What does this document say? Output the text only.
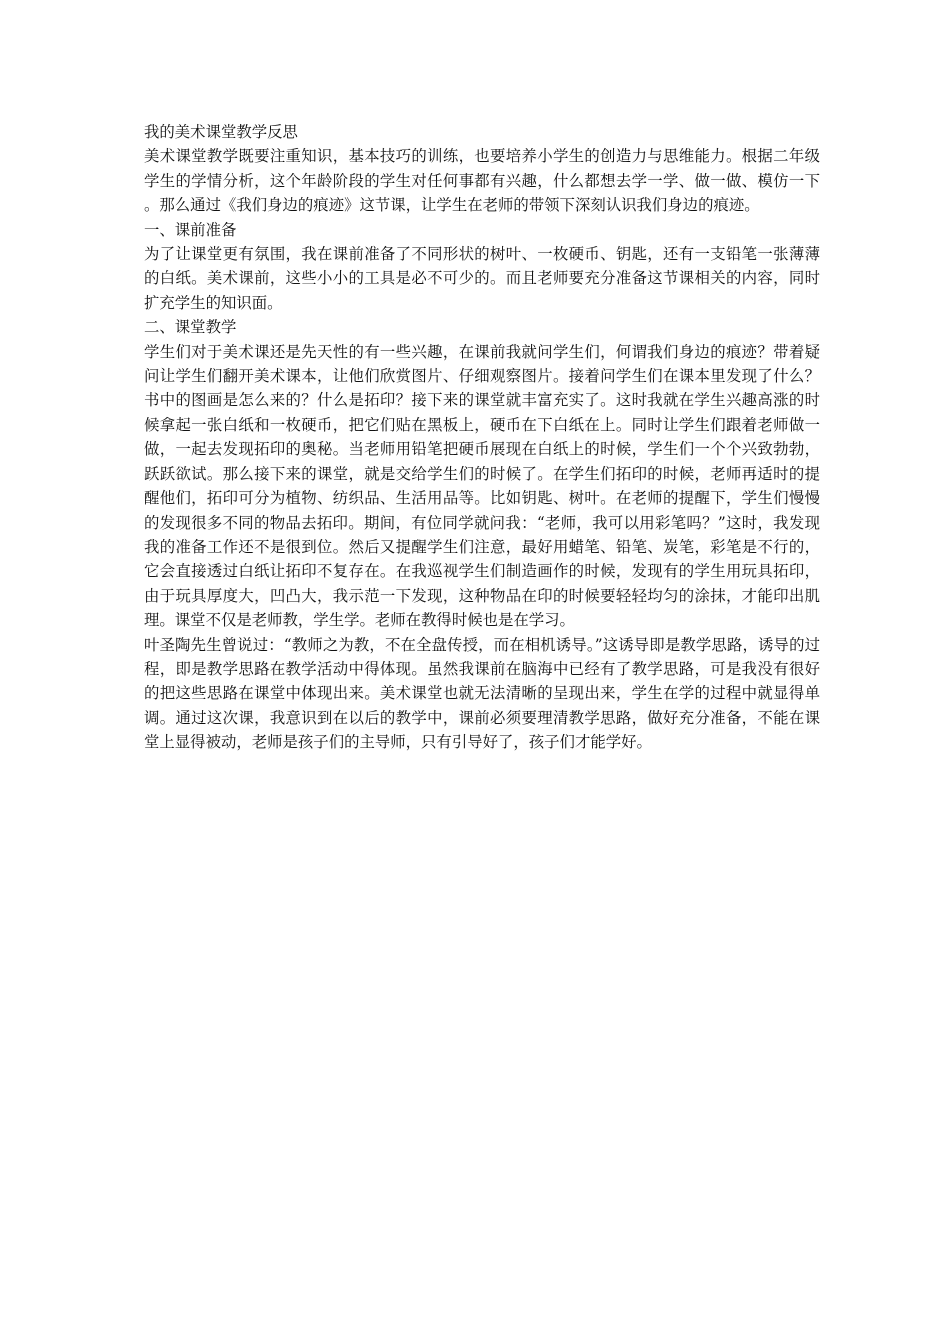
我的美术课堂教学反思

美术课堂教学既要注重知识，基本技巧的训练，也要培养小学生的创造力与思维能力。根据二年级学生的学情分析，这个年龄阶段的学生对任何事都有兴趣，什么都想去学一学、做一做、模仿一下。那么通过《我们身边的痕迹》这节课，让学生在老师的带领下深刻认识我们身边的痕迹。

一、课前准备

为了让课堂更有氛围，我在课前准备了不同形状的树叶、一枚硬币、钥匙，还有一支铅笔一张薄薄的白纸。美术课前，这些小小的工具是必不可少的。而且老师要充分准备这节课相关的内容，同时扩充学生的知识面。

二、课堂教学

学生们对于美术课还是先天性的有一些兴趣，在课前我就问学生们，何谓我们身边的痕迹？带着疑问让学生们翻开美术课本，让他们欣赏图片、仔细观察图片。接着问学生们在课本里发现了什么？书中的图画是怎么来的？什么是拓印？接下来的课堂就丰富充实了。这时我就在学生兴趣高涨的时候拿起一张白纸和一枚硬币，把它们贴在黑板上，硬币在下白纸在上。同时让学生们跟着老师做一做，一起去发现拓印的奥秘。当老师用铅笔把硬币展现在白纸上的时候，学生们一个个兴致勃勃，跃跃欲试。那么接下来的课堂，就是交给学生们的时候了。在学生们拓印的时候，老师再适时的提醒他们，拓印可分为植物、纺织品、生活用品等。比如钥匙、树叶。在老师的提醒下，学生们慢慢的发现很多不同的物品去拓印。期间，有位同学就问我：“老师，我可以用彩笔吗？”这时，我发现我的准备工作还不是很到位。然后又提醒学生们注意，最好用蜡笔、铅笔、炭笔，彩笔是不行的，它会直接透过白纸让拓印不复存在。在我巡视学生们制造画作的时候，发现有的学生用玩具拓印，由于玩具厚度大，凹凸大，我示范一下发现，这种物品在印的时候要轻轻均匀的涂抹，才能印出肌理。课堂不仅是老师教，学生学。老师在教得时候也是在学习。

叶圣陶先生曾说过：“教师之为教，不在全盘传授，而在相机诱导。”这诱导即是教学思路，诱导的过程，即是教学思路在教学活动中得体现。虽然我课前在脑海中已经有了教学思路，可是我没有很好的把这些思路在课堂中体现出来。美术课堂也就无法清晰的呈现出来，学生在学的过程中就显得单调。通过这次课，我意识到在以后的教学中，课前必须要理清教学思路，做好充分准备，不能在课堂上显得被动，老师是孩子们的主导师，只有引导好了，孩子们才能学好。
